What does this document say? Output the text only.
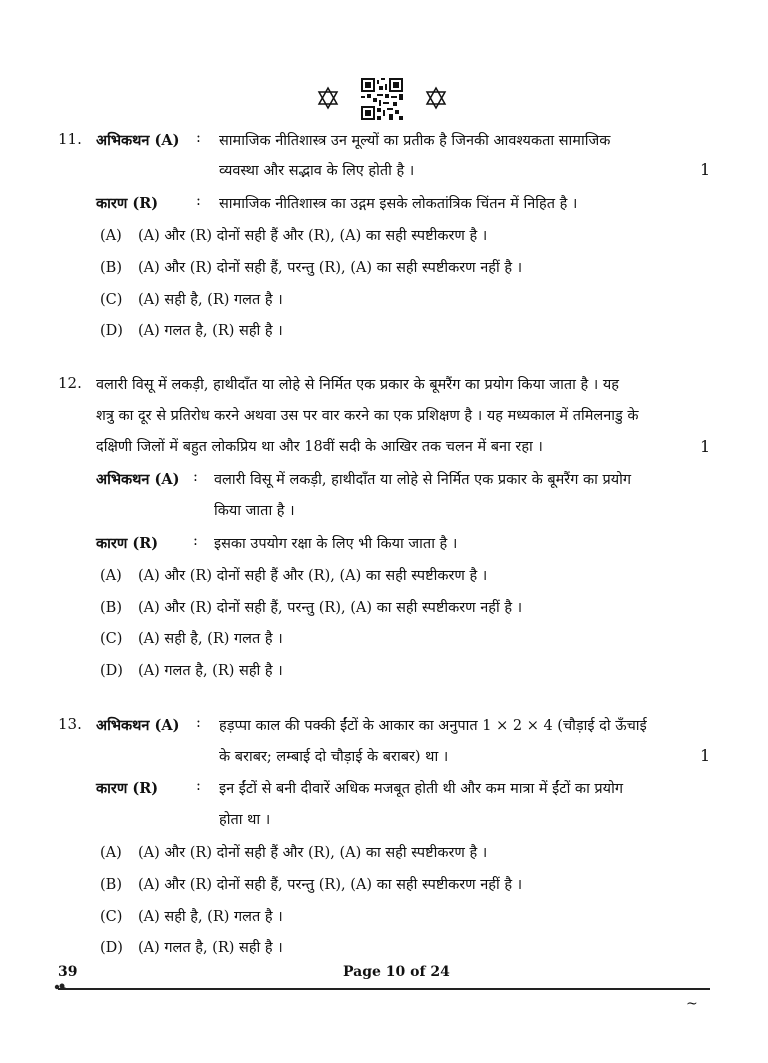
11. अभिकथन (A) : सामाजिक नीतिशास्त्र उन मूल्यों का प्रतीक है जिनकी आवश्यकता सामाजिक
व्यवस्था और सद्भाव के लिए होती है ।	1
कारण (R)	: सामाजिक नीतिशास्त्र का उद्गम इसके लोकतांत्रिक चिंतन में निहित है ।
(A) (A) और (R) दोनों सही हैं और (R), (A) का सही स्पष्टीकरण है ।
(B) (A) और (R) दोनों सही हैं, परन्तु (R), (A) का सही स्पष्टीकरण नहीं है ।
(C) (A) सही है, (R) गलत है ।
(D) (A) गलत है, (R) सही है ।
12. वलारी विसू में लकड़ी, हाथीदाँत या लोहे से निर्मित एक प्रकार के बूमरैंग का प्रयोग किया जाता है । यह
शत्रु का दूर से प्रतिरोध करने अथवा उस पर वार करने का एक प्रशिक्षण है । यह मध्यकाल में तमिलनाडु के
दक्षिणी जिलों में बहुत लोकप्रिय था और 18वीं सदी के आखिर तक चलन में बना रहा ।	1
अभिकथन (A) : वलारी विसू में लकड़ी, हाथीदाँत या लोहे से निर्मित एक प्रकार के बूमरैंग का प्रयोग
किया जाता है ।
कारण (R) : इसका उपयोग रक्षा के लिए भी किया जाता है ।
(A) (A) और (R) दोनों सही हैं और (R), (A) का सही स्पष्टीकरण है ।
(B) (A) और (R) दोनों सही हैं, परन्तु (R), (A) का सही स्पष्टीकरण नहीं है ।
(C) (A) सही है, (R) गलत है ।
(D) (A) गलत है, (R) सही है ।
13. अभिकथन (A) : हड़प्पा काल की पक्की ईंटों के आकार का अनुपात 1 × 2 × 4 (चौड़ाई दो ऊँचाई
के बराबर; लम्बाई दो चौड़ाई के बराबर) था ।	1
कारण (R)	: इन ईंटों से बनी दीवारें अधिक मजबूत होती थी और कम मात्रा में ईंटों का प्रयोग
होता था ।
(A) (A) और (R) दोनों सही हैं और (R), (A) का सही स्पष्टीकरण है ।
(B) (A) और (R) दोनों सही हैं, परन्तु (R), (A) का सही स्पष्टीकरण नहीं है ।
(C) (A) सही है, (R) गलत है ।
(D) (A) गलत है, (R) सही है ।
39	Page 10 of 24
~
